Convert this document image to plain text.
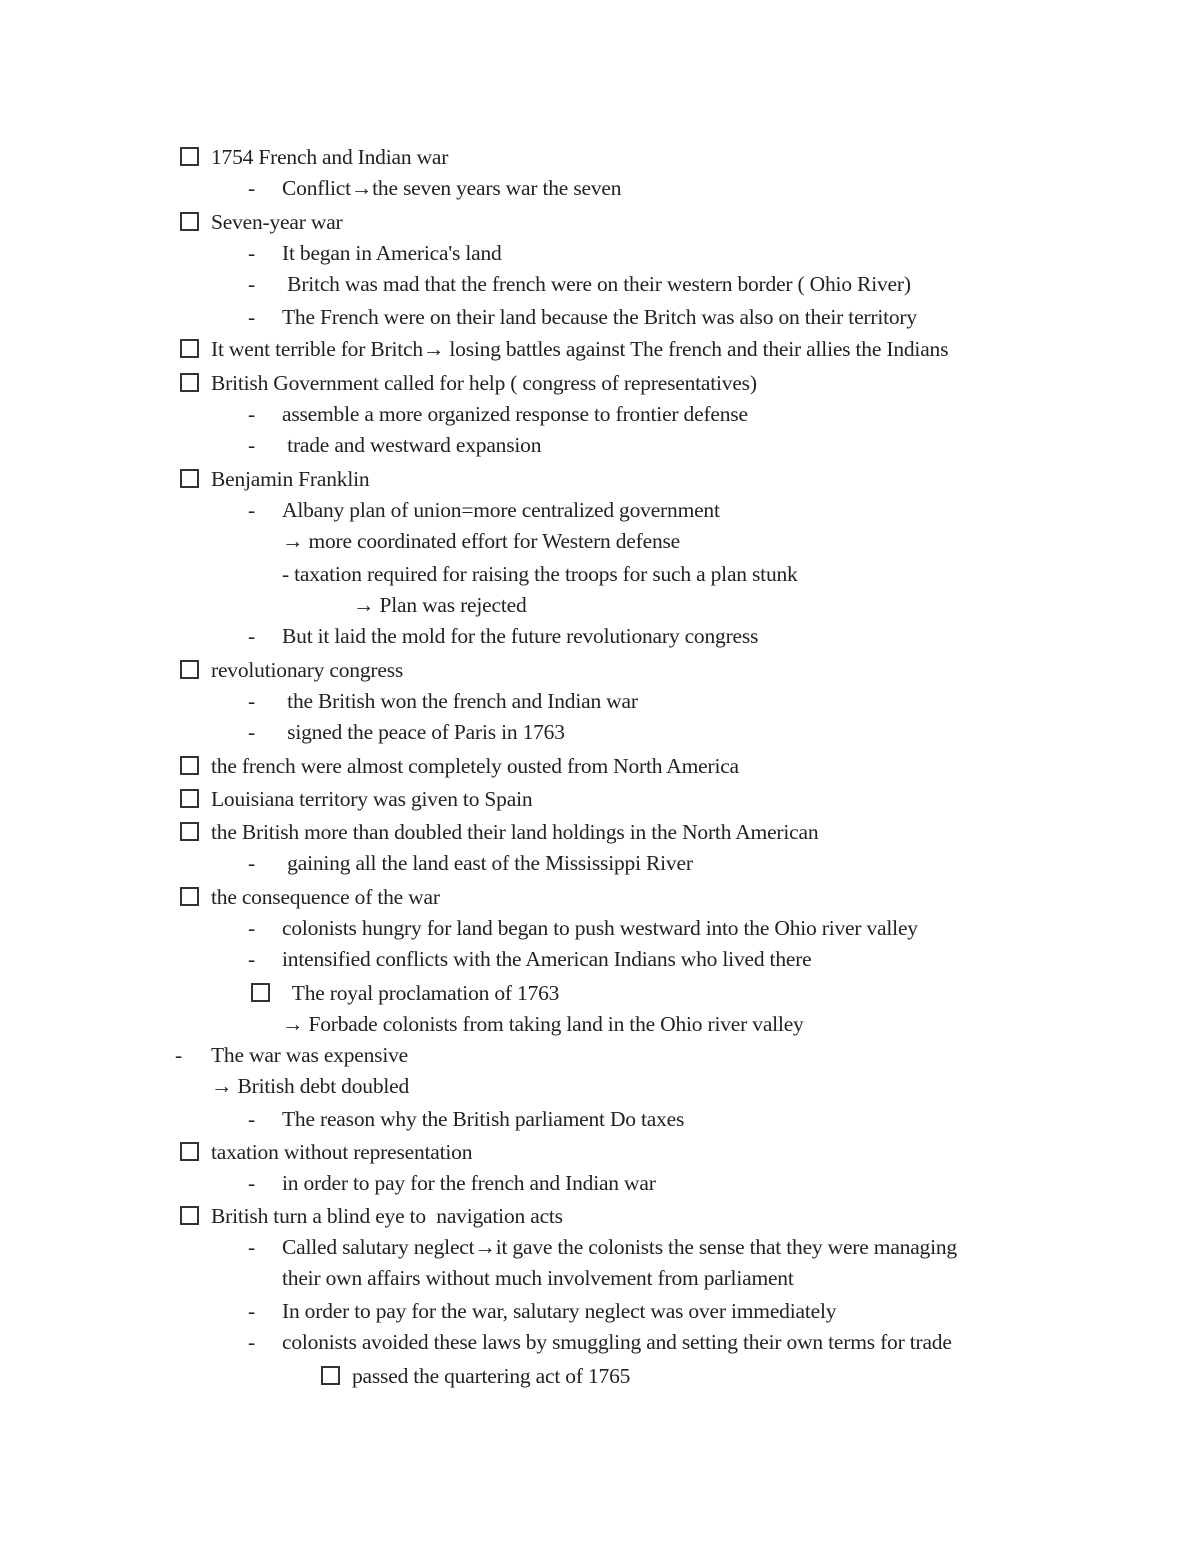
1754 French and Indian war
- Conflict→the seven years war the seven
Seven-year war
- It began in America's land
- Britch was mad that the french were on their western border ( Ohio River)
- The French were on their land because the Britch was also on their territory
It went terrible for Britch→ losing battles against The french and their allies the Indians
British Government called for help ( congress of representatives)
- assemble a more organized response to frontier defense
- trade and westward expansion
Benjamin Franklin
- Albany plan of union=more centralized government
→ more coordinated effort for Western defense
- taxation required for raising the troops for such a plan stunk
→ Plan was rejected
- But it laid the mold for the future revolutionary congress
revolutionary congress
- the British won the french and Indian war
- signed the peace of Paris in 1763
the french were almost completely ousted from North America
Louisiana territory was given to Spain
the British more than doubled their land holdings in the North American
- gaining all the land east of the Mississippi River
the consequence of the war
- colonists hungry for land began to push westward into the Ohio river valley
- intensified conflicts with the American Indians who lived there
The royal proclamation of 1763
→ Forbade colonists from taking land in the Ohio river valley
- The war was expensive
→ British debt doubled
- The reason why the British parliament Do taxes
taxation without representation
- in order to pay for the french and Indian war
British turn a blind eye to  navigation acts
- Called salutary neglect→it gave the colonists the sense that they were managing
their own affairs without much involvement from parliament
- In order to pay for the war, salutary neglect was over immediately
- colonists avoided these laws by smuggling and setting their own terms for trade
passed the quartering act of 1765
